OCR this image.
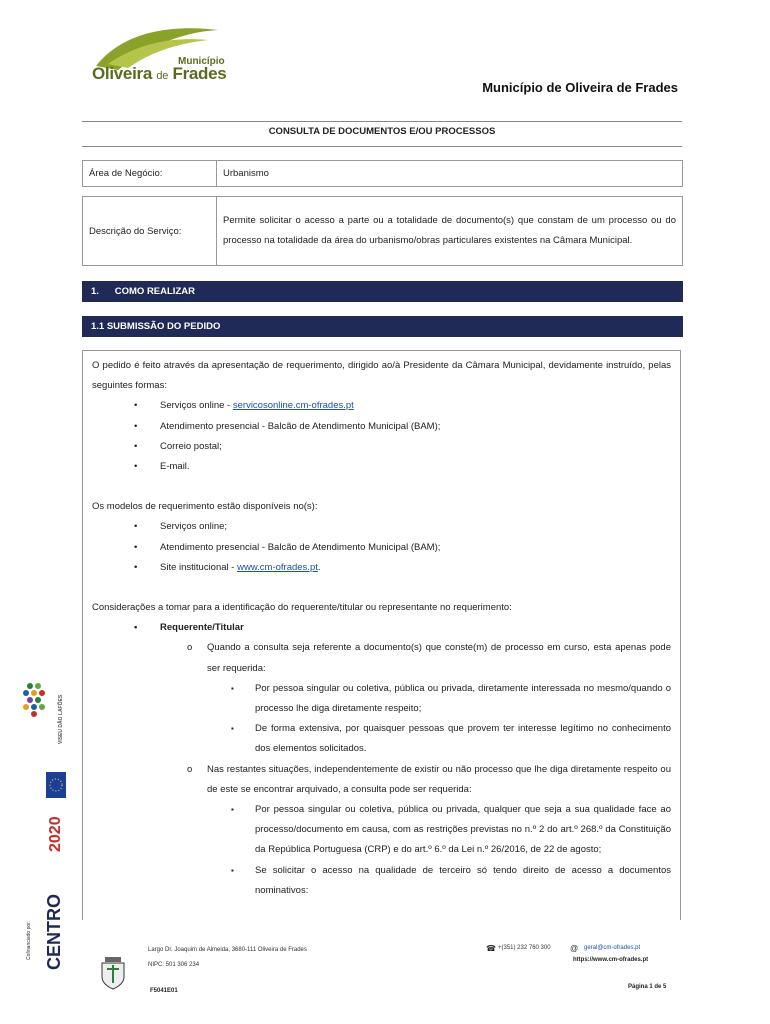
Município
Oliveira de Frades
Município de Oliveira de Frades
CONSULTA DE DOCUMENTOS E/OU PROCESSOS
Área de Negócio:	Urbanismo
Descrição do Serviço:	Permite solicitar o acesso a parte ou a totalidade de documento(s) que constam de um processo ou do processo na totalidade da área do urbanismo/obras particulares existentes na Câmara Municipal.
1.      COMO REALIZAR
1.1 SUBMISSÃO DO PEDIDO

O pedido é feito através da apresentação de requerimento, dirigido ao/à Presidente da Câmara Municipal, devidamente instruído, pelas seguintes formas:

• Serviços online - servicosonline.cm-ofrades.pt
• Atendimento presencial - Balcão de Atendimento Municipal (BAM);
• Correio postal;
• E-mail.

Os modelos de requerimento estão disponíveis no(s):

• Serviços online;
• Atendimento presencial - Balcão de Atendimento Municipal (BAM);
• Site institucional - www.cm-ofrades.pt.

Considerações a tomar para a identificação do requerente/titular ou representante no requerimento:

• Requerente/Titular
o Quando a consulta seja referente a documento(s) que conste(m) de processo em curso, esta apenas pode ser requerida:
▪ Por pessoa singular ou coletiva, pública ou privada, diretamente interessada no mesmo/quando o processo lhe diga diretamente respeito;
▪ De forma extensiva, por quaisquer pessoas que provem ter interesse legítimo no conhecimento dos elementos solicitados.
o Nas restantes situações, independentemente de existir ou não processo que lhe diga diretamente respeito ou de este se encontrar arquivado, a consulta pode ser requerida:
▪ Por pessoa singular ou coletiva, pública ou privada, qualquer que seja a sua qualidade face ao processo/documento em causa, com as restrições previstas no n.º 2 do art.º 268.º da Constituição da República Portuguesa (CRP) e do art.º 6.º da Lei n.º 26/2016, de 22 de agosto;
▪ Se solicitar o acesso na qualidade de terceiro só tendo direito de acesso a documentos nominativos:
VISEU DÃO LAFÕES
2020
CENTRO
Cofinanciado por:	Largo Dr. Joaquim de Almeida, 3680-111 Oliveira de Frades
NIPC: 501 306 234
F5041E01
☎ +(351) 232 760 300 @ geral@cm-ofrades.pt
https://www.cm-ofrades.pt
Página 1 de 5
